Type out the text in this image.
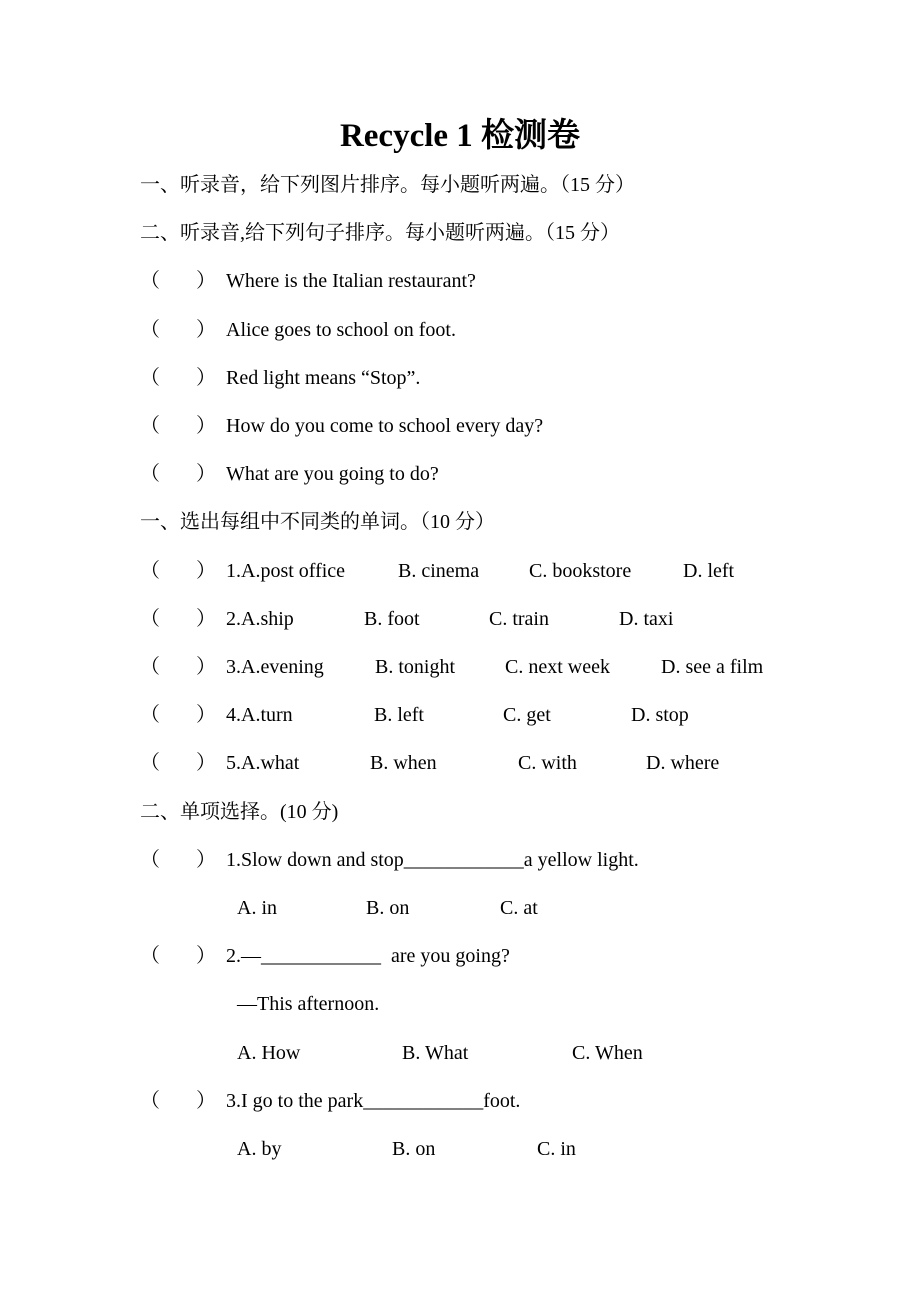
一、听录音，给下列图片排序。每小题听两遍。（15 分）
二、听录音,给下列句子排序。每小题听两遍。（15 分）
（ ） Where is the Italian restaurant?
（ ） Alice goes to school on foot.
（ ） Red light means “Stop”.
（ ） How do you come to school every day?
（ ） What are you going to do?
一、选出每组中不同类的单词。（10 分）
（ ） 1.A.post office	B. cinema C. bookstore	D. left
（ ） 2.A.ship	B. foot	C. train	D. taxi
（ ） 3.A.evening	B. tonight C. next week	D. see a film
（ ） 4.A.turn	B. left	C. get	D. stop
（ ） 5.A.what	B. when	C. with	D. where
二、单项选择。(10 分)
（ ） 1.Slow down and stop____________a yellow light.
A. in	B. on	C. at
（ ） 2.—____________  are you going?
—This afternoon.
A. How	B. What	C. When
（ ） 3.I go to the park____________foot.
A. by	B. on	C. in
Recycle 1 检测卷
